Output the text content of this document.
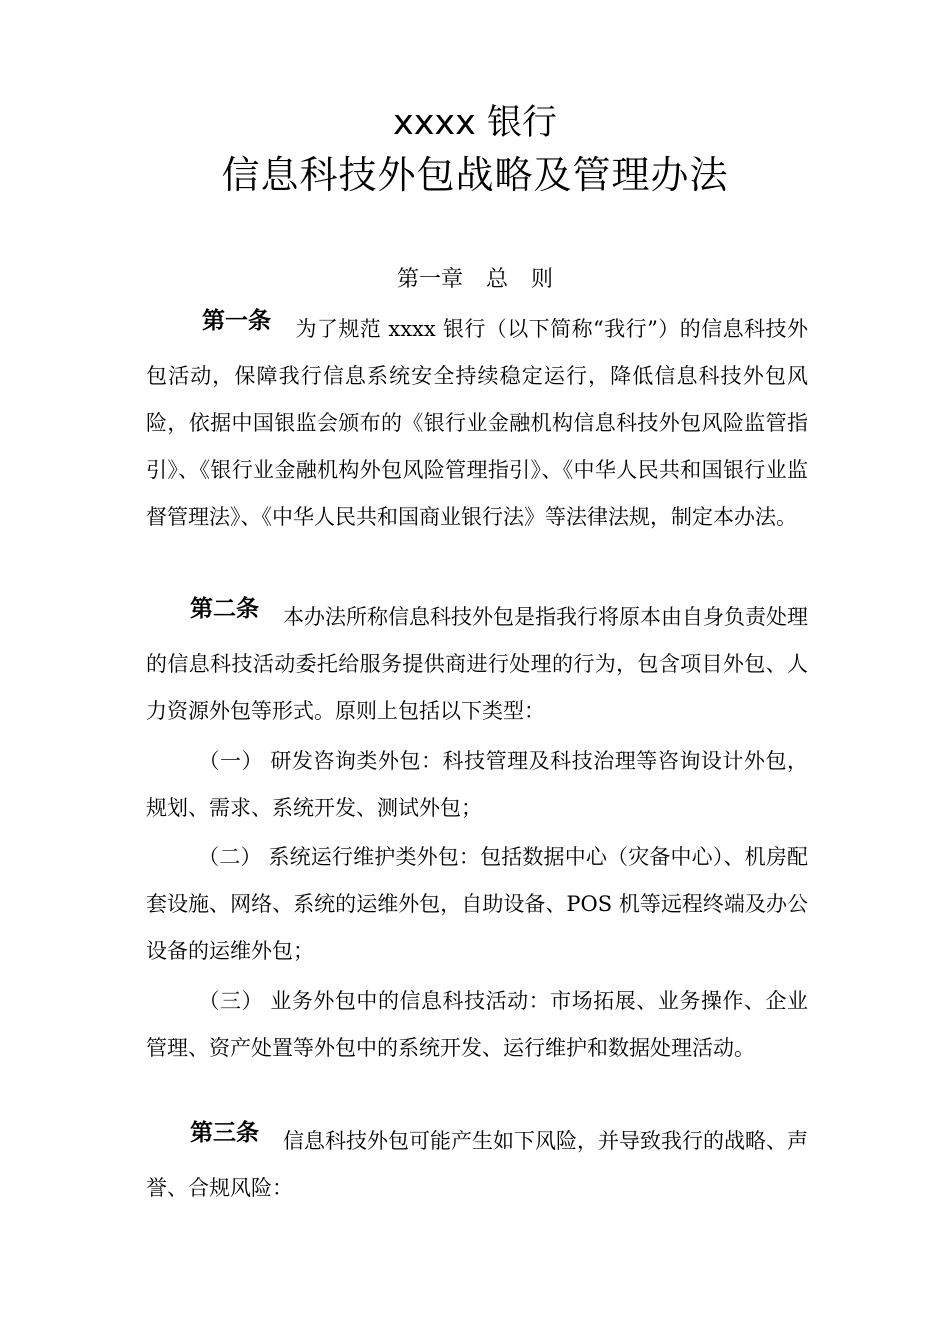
xxxx 银行
信息科技外包战略及管理办法
第一章 总 则
第一条 为了规范 xxxx 银行（以下简称“我行”）的信息科技外包活动，保障我行信息系统安全持续稳定运行，降低信息科技外包风险，依据中国银监会颁布的《银行业金融机构信息科技外包风险监管指引》、《银行业金融机构外包风险管理指引》、《中华人民共和国银行业监督管理法》、《中华人民共和国商业银行法》等法律法规，制定本办法。
第二条 本办法所称信息科技外包是指我行将原本由自身负责处理的信息科技活动委托给服务提供商进行处理的行为，包含项目外包、人力资源外包等形式。原则上包括以下类型：
（一） 研发咨询类外包：科技管理及科技治理等咨询设计外包，规划、需求、系统开发、测试外包；
（二） 系统运行维护类外包：包括数据中心（灾备中心）、机房配套设施、网络、系统的运维外包，自助设备、POS 机等远程终端及办公设备的运维外包；
（三） 业务外包中的信息科技活动：市场拓展、业务操作、企业管理、资产处置等外包中的系统开发、运行维护和数据处理活动。
第三条 信息科技外包可能产生如下风险，并导致我行的战略、声誉、合规风险：
